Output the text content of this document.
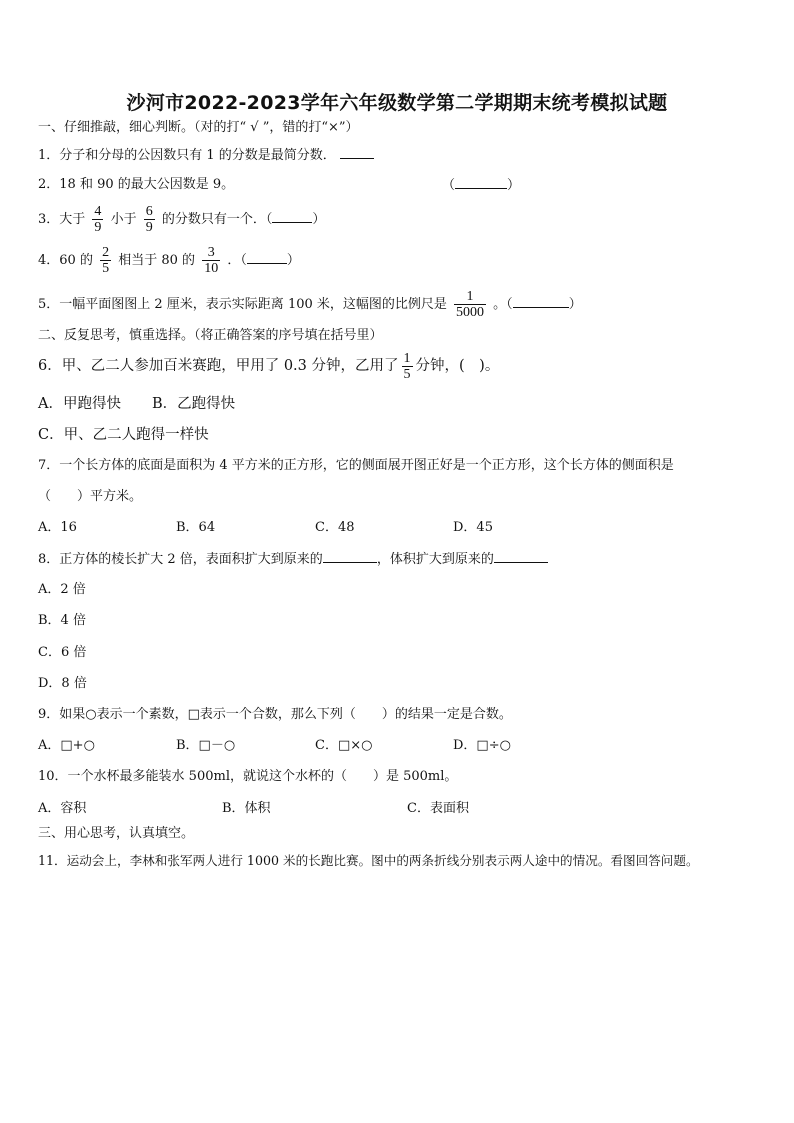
沙河市2022-2023学年六年级数学第二学期期末统考模拟试题
一、仔细推敲，细心判断。（对的打“ √ ”，错的打“×”）
1．分子和分母的公因数只有 1 的分数是最简分数．
2．18 和 90 的最大公因数是 9。	（	）
3．大于 $\frac{4}{9}$ 小于 $\frac{6}{9}$ 的分数只有一个．（	）
4．60 的 $\frac{2}{5}$ 相当于 80 的 $\frac{3}{10}$ ．（	）
5．一幅平面图图上 2 厘米，表示实际距离 100 米，这幅图的比例尺是 $\frac{1}{5000}$ 。（	）
二、反复思考，慎重选择。（将正确答案的序号填在括号里）
6．甲、乙二人参加百米赛跑，甲用了 0.3 分钟，乙用了 $\frac{1}{5}$ 分钟，(　)。
A．甲跑得快 B．乙跑得快
C．甲、乙二人跑得一样快
7．一个长方体的底面是面积为 4 平方米的正方形，它的侧面展开图正好是一个正方形，这个长方体的侧面积是
（　　）平方米。
A．16	B．64	C．48	D．45
8．正方体的棱长扩大 2 倍，表面积扩大到原来的	，体积扩大到原来的
A．2 倍
B．4 倍
C．6 倍
D．8 倍
9．如果○表示一个素数，□表示一个合数，那么下列（　　）的结果一定是合数。
A．□+○	B．□－○	C．□×○	D．□÷○
10．一个水杯最多能装水 500ml，就说这个水杯的（　　）是 500ml。
A．容积	B．体积	C．表面积
三、用心思考，认真填空。
11．运动会上，李林和张军两人进行 1000 米的长跑比赛。图中的两条折线分别表示两人途中的情况。看图回答问题。
